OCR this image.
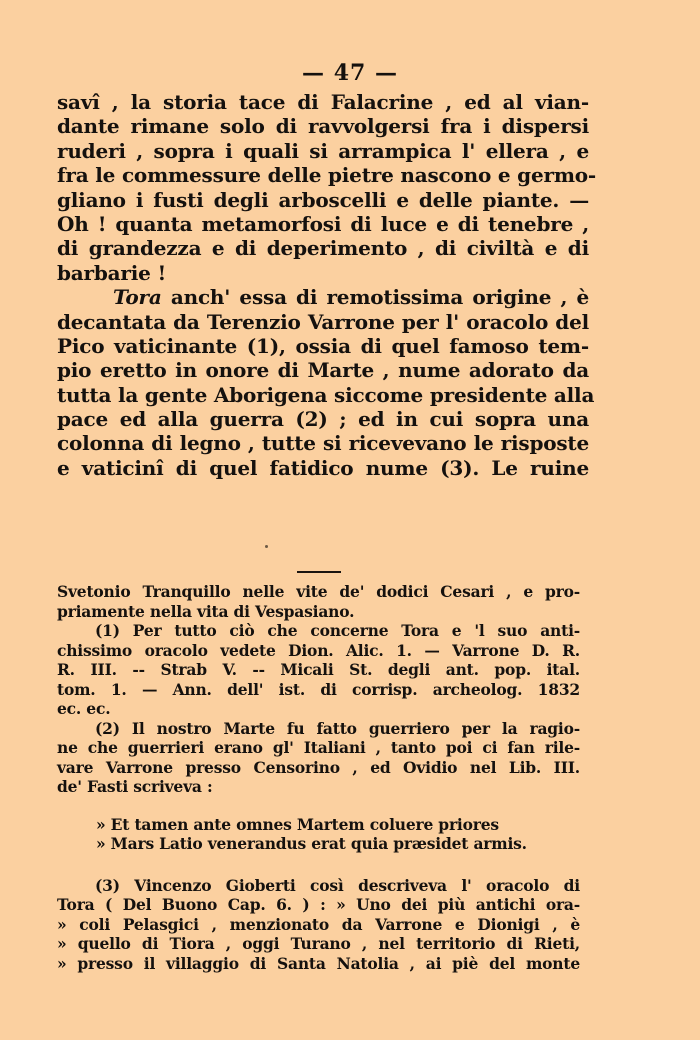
— 47 —
savî , la storia tace di Falacrine , ed al vian-
dante rimane solo di ravvolgersi fra i dispersi
ruderi , sopra i quali si arrampica l' ellera , e
fra le commessure delle pietre nascono e germo-
gliano i fusti degli arboscelli e delle piante. —
Oh ! quanta metamorfosi di luce e di tenebre ,
di grandezza e di deperimento , di civiltà e di
barbarie !
Tora anch' essa di remotissima origine , è
decantata da Terenzio Varrone per l' oracolo del
Pico vaticinante (1), ossia di quel famoso tem-
pio eretto in onore di Marte , nume adorato da
tutta la gente Aborigena siccome presidente alla
pace ed alla guerra (2) ; ed in cui sopra una
colonna di legno , tutte si ricevevano le risposte
e vaticinî di quel fatidico nume (3). Le ruine
Svetonio Tranquillo nelle vite de' dodici Cesari , e pro-
priamente nella vita di Vespasiano.
(1) Per tutto ciò che concerne Tora e 'l suo anti-
chissimo oracolo vedete Dion. Alic. 1. — Varrone D. R.
R. III. -- Strab V. -- Micali St. degli ant. pop. ital.
tom. 1. — Ann. dell' ist. di corrisp. archeolog. 1832
ec. ec.
(2) Il nostro Marte fu fatto guerriero per la ragio-
ne che guerrieri erano gl' Italiani , tanto poi ci fan rile-
vare Varrone presso Censorino , ed Ovidio nel Lib. III.
de' Fasti scriveva :
» Et tamen ante omnes Martem coluere priores
» Mars Latio venerandus erat quia præsidet armis.
(3) Vincenzo Gioberti così descriveva l' oracolo di
Tora ( Del Buono Cap. 6. ) : » Uno dei più antichi ora-
» coli Pelasgici , menzionato da Varrone e Dionigi , è
» quello di Tiora , oggi Turano , nel territorio di Rieti,
» presso il villaggio di Santa Natolia , ai piè del monte
